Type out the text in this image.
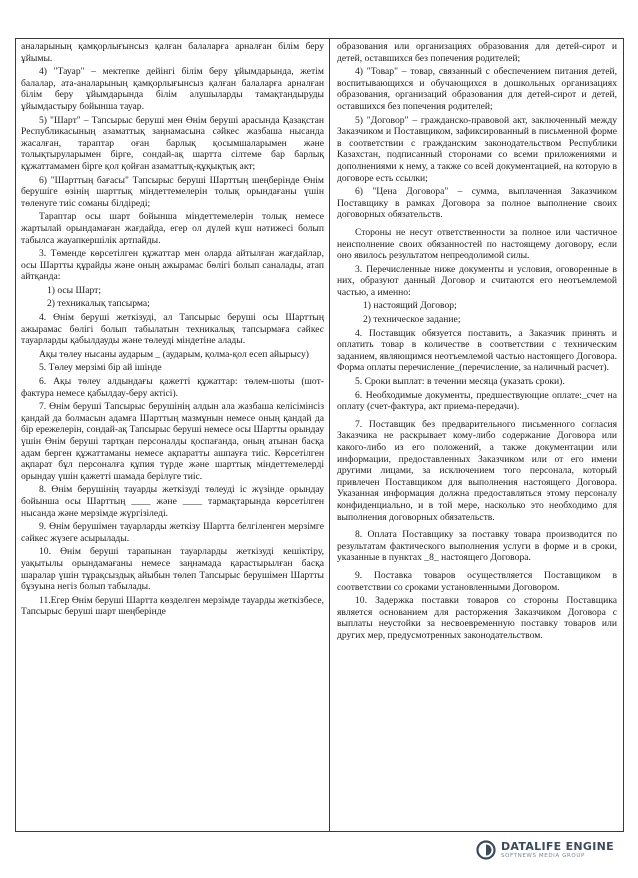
аналарының қамқорлығынсыз қалған балаларға арналған білім беру ұйымы.

4) "Тауар" – мектепке дейінгі білім беру ұйымдарында, жетім балалар, ата-аналарының қамқорлығынсыз қалған балаларға арналған білім беру ұйымдарында білім алушыларды тамақтандыруды ұйымдастыру бойынша тауар.

5) "Шарт" – Тапсырыс беруші мен Өнім беруші арасында Қазақстан Республикасының азаматтық заңнамасына сәйкес жазбаша нысанда жасалған, тараптар оған барлық қосымшаларымен және толықтыруларымен бірге, сондай-ақ шартта сілтеме бар барлық құжаттамамен бірге қол қойған азаматтық-құқықтық акт;

6) "Шарттың бағасы" Тапсырыс беруші Шарттың шеңберінде Өнім берушіге өзінің шарттық міндеттемелерін толық орындағаны үшін төленуге тиіс соманы білдіреді;

Тараптар осы шарт бойынша міндеттемелерін толық немесе жартылай орындамаған жағдайда, егер ол дүлей күш нәтижесі болып табылса жауапкершілік артпайды.

3. Төменде көрсетілген құжаттар мен оларда айтылған жағдайлар, осы Шартты құрайды және оның ажырамас бөлігі болып саналады, атап айтқанда:

1) осы Шарт;

2) техникалық тапсырма;

4. Өнім беруші жеткізуді, ал Тапсырыс беруші осы Шарттың ажырамас бөлігі болып табылатын техникалық тапсырмаға сәйкес тауарларды қабылдауды және төлеуді міндетіне алады.

Ақы төлеу нысаны аударым _ (аударым, қолма-қол есеп айырысу)

5. Төлеу мерзімі бір ай ішінде

6. Ақы төлеу алдындағы қажетті құжаттар: төлем-шоты (шот-фактура немесе қабылдау-беру актісі).

7. Өнім беруші Тапсырыс берушінің алдын ала жазбаша келісімінсіз қандай да болмасын адамға Шарттың мазмұнын немесе оның қандай да бір ережелерін, сондай-ақ Тапсырыс беруші немесе осы Шартты орындау үшін Өнім беруші тартқан персоналды қоспағанда, оның атынан басқа адам берген құжаттаманы немесе ақпаратты ашпауға тиіс. Көрсетілген ақпарат бұл персоналға құпия түрде және шарттық міндеттемелерді орындау үшін қажетті шамада берілуге тиіс.

8. Өнім берушінің тауарды жеткізуді төлеуді іс жүзінде орындау бойынша осы Шарттың ____ және ____ тармақтарында көрсетілген нысанда және мерзімде жүргізіледі.

9. Өнім берушімен тауарларды жеткізу Шартта белгіленген мерзімге сәйкес жүзеге асырылады.

10. Өнім беруші тарапынан тауарларды жеткізуді кешіктіру, уақытылы орындамағаны немесе заңнамада қарастырылған басқа шаралар үшін тұрақсыздық айыбын төлеп Тапсырыс берушімен Шартты бұзуына негіз болып табылады.

11.Егер Өнім беруші Шартта көзделген мерзімде тауарды жеткізбесе, Тапсырыс беруші шарт шеңберінде

образования или организациях образования для детей-сирот и детей, оставшихся без попечения родителей;

4) "Товар" – товар, связанный с обеспечением питания детей, воспитывающихся и обучающихся в дошкольных организациях образования, организаций образования для детей-сирот и детей, оставшихся без попечения родителей;

5) "Договор" – гражданско-правовой акт, заключенный между Заказчиком и Поставщиком, зафиксированный в письменной форме в соответствии с гражданским законодательством Республики Казахстан, подписанный сторонами со всеми приложениями и дополнениями к нему, а также со всей документацией, на которую в договоре есть ссылки;

6) "Цена Договора" – сумма, выплаченная Заказчиком Поставщику в рамках Договора за полное выполнение своих договорных обязательств.

Стороны не несут ответственности за полное или частичное неисполнение своих обязанностей по настоящему договору, если оно явилось результатом непреодолимой силы.

3. Перечисленные ниже документы и условия, оговоренные в них, образуют данный Договор и считаются его неотъемлемой частью, а именно:

1) настоящий Договор;

2) техническое задание;

4. Поставщик обязуется поставить, а Заказчик принять и оплатить товар в количестве в соответствии с техническим заданием, являющимся неотъемлемой частью настоящего Договора. Форма оплаты перечисление_(перечисление, за наличный расчет).

5. Сроки выплат: в течении месяца (указать сроки).

6. Необходимые документы, предшествующие оплате:_счет на оплату (счет-фактура, акт приема-передачи).

7. Поставщик без предварительного письменного согласия Заказчика не раскрывает кому-либо содержание Договора или какого-либо из его положений, а также документации или информации, предоставленных Заказчиком или от его имени другими лицами, за исключением того персонала, который привлечен Поставщиком для выполнения настоящего Договора. Указанная информация должна предоставляться этому персоналу конфиденциально, и в той мере, насколько это необходимо для выполнения договорных обязательств.

8. Оплата Поставщику за поставку товара производится по результатам фактического выполнения услуги в форме и в сроки, указанные в пунктах _8_ настоящего Договора.

9. Поставка товаров осуществляется Поставщиком в соответствии со сроками установленными Договором.

10. Задержка поставки товаров со стороны Поставщика является основанием для расторжения Заказчиком Договора с выплаты неустойки за несвоевременную поставку товаров или других мер, предусмотренных законодательством.

DATALIFE ENGINE
SOFTNEWS MEDIA GROUP
